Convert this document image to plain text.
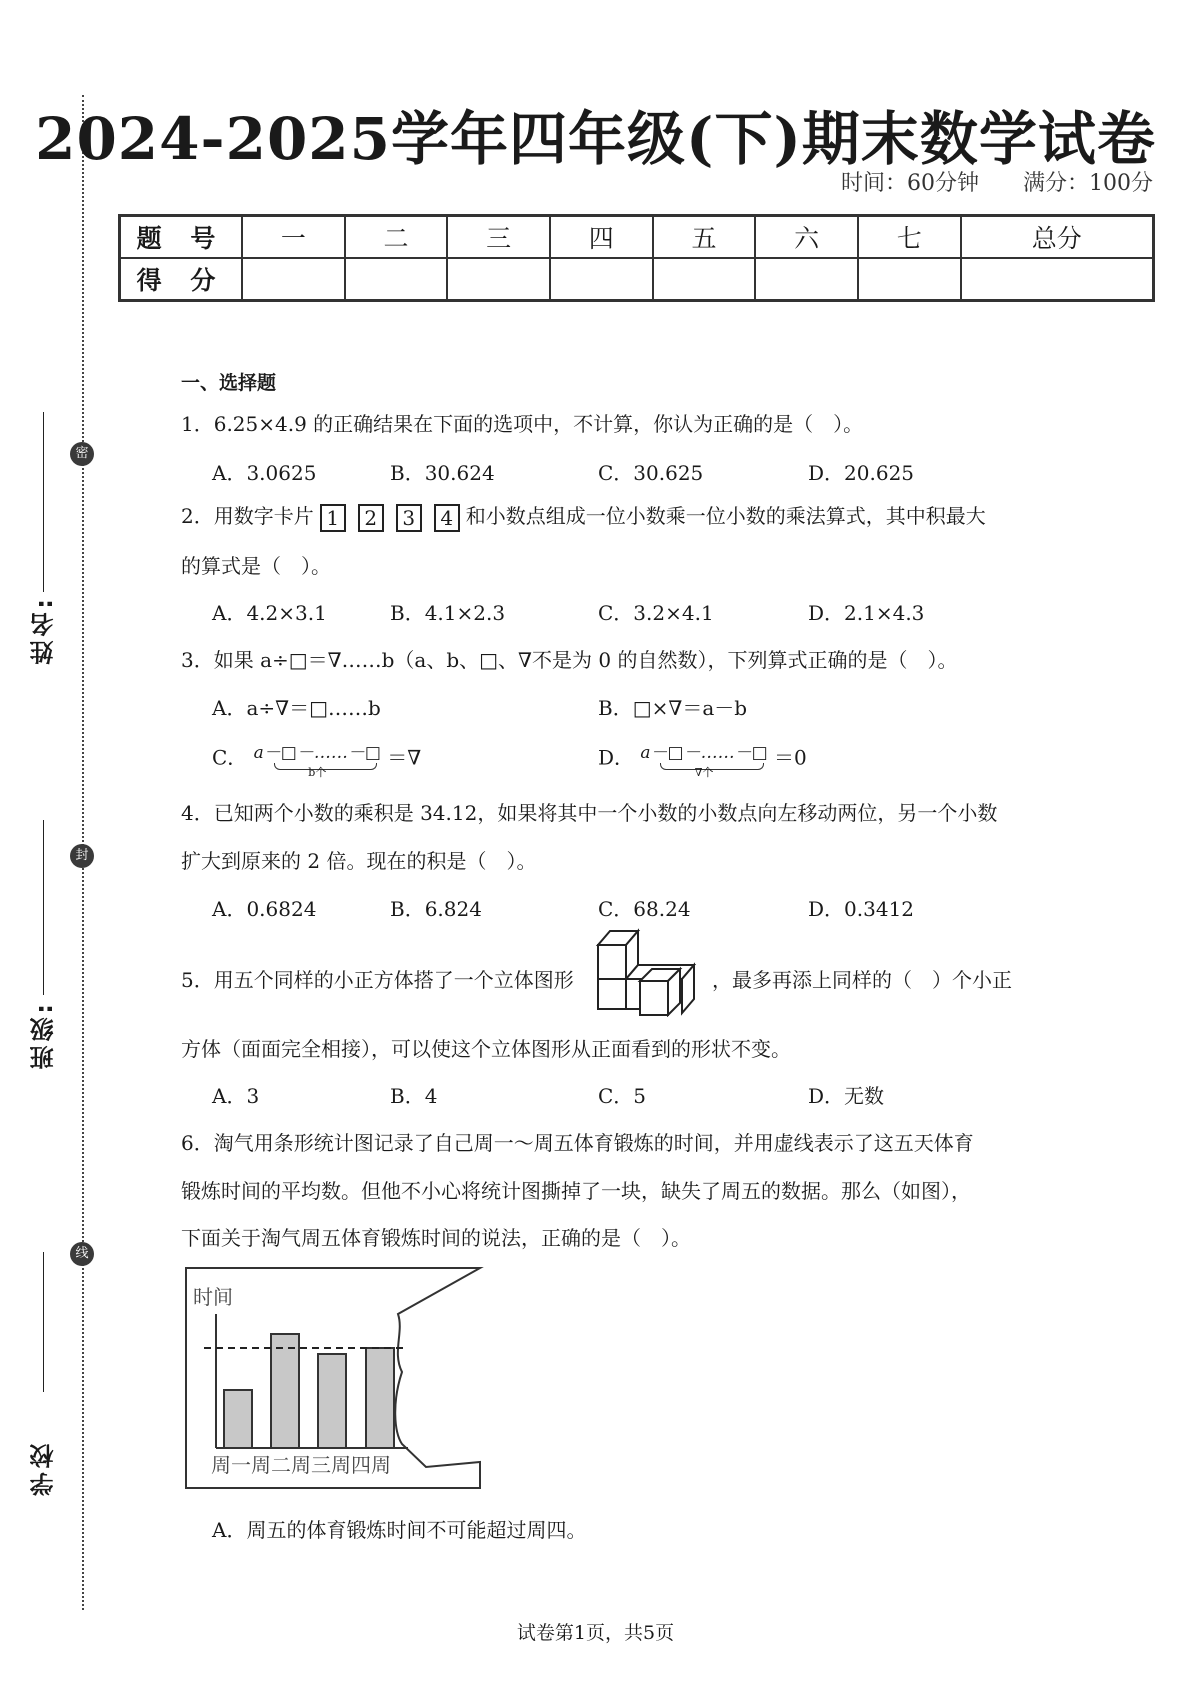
密
封
线
姓名:
班级:
学校
2024-2025学年四年级(下)期末数学试卷
时间：60分钟 满分：100分
题 号	一	二	三	四	五	六	七	总分
得 分								
一、选择题
1．6.25×4.9 的正确结果在下面的选项中，不计算，你认为正确的是（　）。
A．3.0625	B．30.624	C．30.625	D．20.625
2．用数字卡片 1 2 3 4 和小数点组成一位小数乘一位小数的乘法算式，其中积最大
的算式是（　）。
A．4.2×3.1	B．4.1×2.3	C．3.2×4.1	D．2.1×4.3
3．如果 a÷□＝∇……b（a、b、□、∇不是为 0 的自然数），下列算式正确的是（　）。
A．a÷∇＝□……b	B．□×∇＝a－b
C． a－□－……－□
b个
＝∇	D． a－□－……－□
∇个
＝0
4．已知两个小数的乘积是 34.12，如果将其中一个小数的小数点向左移动两位，另一个小数
扩大到原来的 2 倍。现在的积是（　）。
A．0.6824	B．6.824	C．68.24	D．0.3412
5．用五个同样的小正方体搭了一个立体图形	，最多再添上同样的（　）个小正
方体（面面完全相接），可以使这个立体图形从正面看到的形状不变。
A．3	B．4	C．5	D．无数
6．淘气用条形统计图记录了自己周一～周五体育锻炼的时间，并用虚线表示了这五天体育
锻炼时间的平均数。但他不小心将统计图撕掉了一块，缺失了周五的数据。那么（如图），
下面关于淘气周五体育锻炼时间的说法，正确的是（　）。
时间
周一周二周三周四周
A．周五的体育锻炼时间不可能超过周四。
试卷第1页，共5页
